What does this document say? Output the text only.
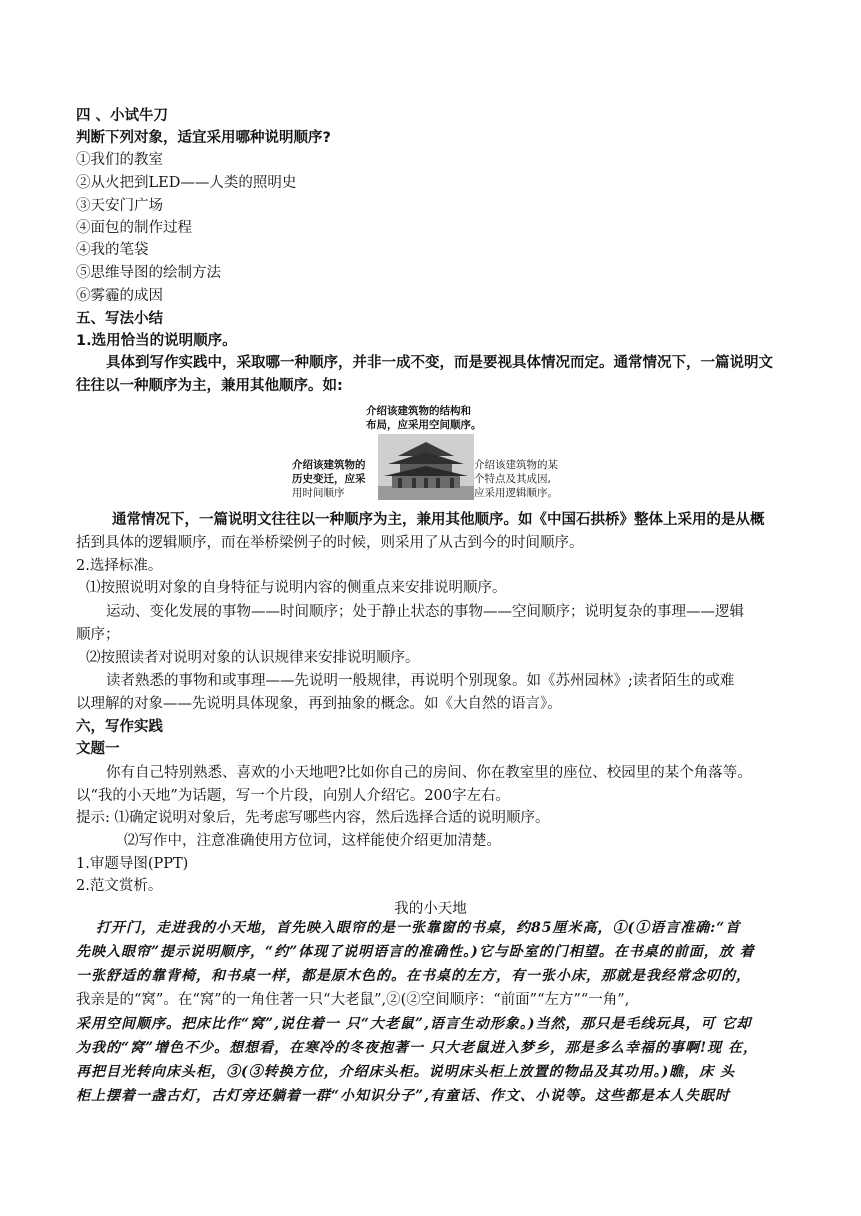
四 、小试牛刀
判断下列对象，适宜采用哪种说明顺序?
①我们的教室
②从火把到LED——人类的照明史
③天安门广场
④面包的制作过程
④我的笔袋
⑤思维导图的绘制方法
⑥雾霾的成因
五、写法小结
1.选用恰当的说明顺序。
具体到写作实践中，采取哪一种顺序，并非一成不变，而是要视具体情况而定。通常情况下，一篇说明文
往往以一种顺序为主，兼用其他顺序。如:
介绍该建筑物的结构和
布局，应采用空间顺序。
介绍该建筑物的
历史变迁，应采
用时间顺序
介绍该建筑物的某
个特点及其成因,
应采用逻辑顺序。
通常情况下，一篇说明文往往以一种顺序为主，兼用其他顺序。如《中国石拱桥》整体上采用的是从概
括到具体的逻辑顺序，而在举桥梁例子的时候，则采用了从古到今的时间顺序。
2.选择标准。
⑴按照说明对象的自身特征与说明内容的侧重点来安排说明顺序。
运动、变化发展的事物——时间顺序；处于静止状态的事物——空间顺序；说明复杂的事理——逻辑
顺序；
⑵按照读者对说明对象的认识规律来安排说明顺序。
读者熟悉的事物和或事理——先说明一般规律，再说明个别现象。如《苏州园林》;读者陌生的或难
以理解的对象——先说明具体现象，再到抽象的概念。如《大自然的语言》。
六，写作实践
文题一
你有自己特别熟悉、喜欢的小天地吧?比如你自己的房间、你在教室里的座位、校园里的某个角落等。
以“我的小天地”为话题，写一个片段，向别人介绍它。200字左右。
提示: ⑴确定说明对象后，先考虑写哪些内容，然后选择合适的说明顺序。
⑵写作中，注意准确使用方位词，这样能使介绍更加清楚。
1.审题导图(PPT)
2.范文赏析。
我的小天地
打开门，走进我的小天地，首先映入眼帘的是一张靠窗的书桌，约85厘米高，①(①语言准确:“首
先映入眼帘”提示说明顺序，“约”体现了说明语言的准确性。)它与卧室的门相望。在书桌的前面，放 着
一张舒适的靠背椅，和书桌一样，都是原木色的。在书桌的左方，有一张小床，那就是我经常念叨的，
我亲是的“窝”。在“窝”的一角住著一只“大老鼠”,②(②空间顺序：“前面”“左方”“一角”,
采用空间顺序。把床比作“窝”,说住着一 只“大老鼠”,语言生动形象。)当然，那只是毛线玩具，可 它却
为我的“窝”增色不少。想想看，在寒冷的冬夜抱著一 只大老鼠进入梦乡，那是多么幸福的事啊!现 在，
再把目光转向床头柜，③(③转换方位，介绍床头柜。说明床头柜上放置的物品及其功用。)瞧，床 头
柜上摆着一盏古灯，古灯旁还躺着一群“小知识分子”,有童话、作文、小说等。这些都是本人失眠时
